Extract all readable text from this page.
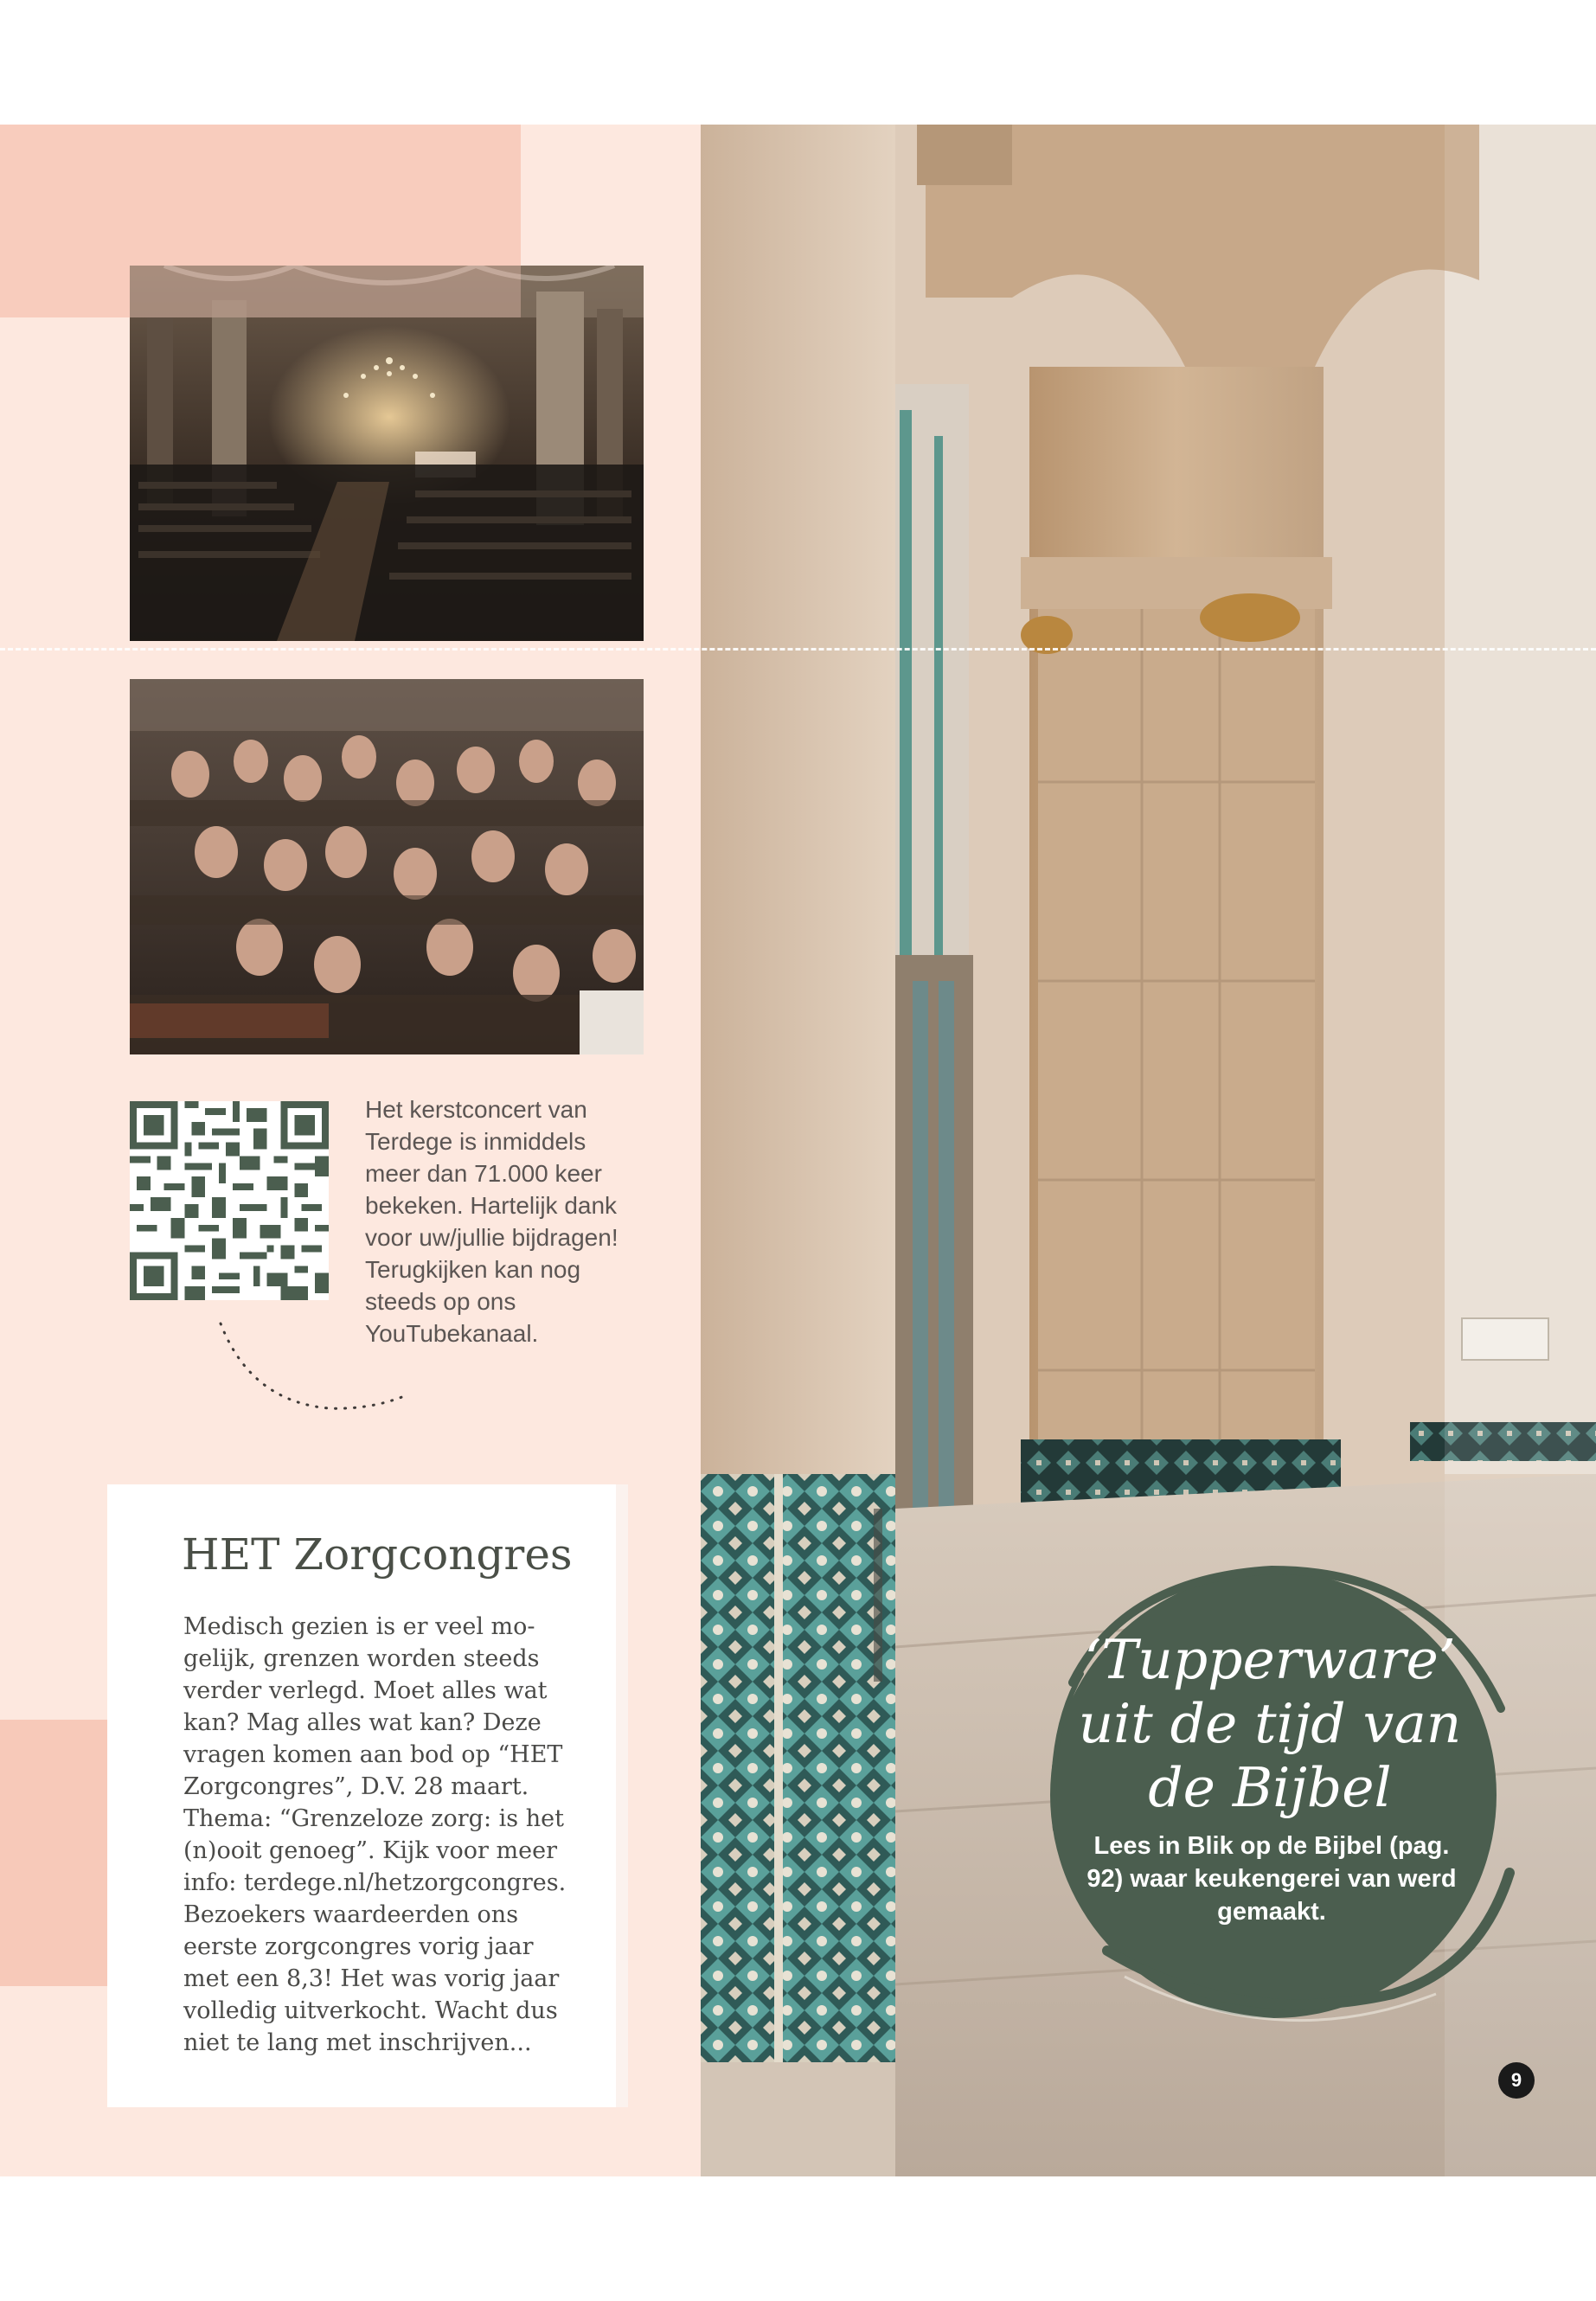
Het kerstconcert van Terdege is inmiddels meer dan 71.000 keer bekeken. Hartelijk dank voor uw/jullie bijdragen! Terugkijken kan nog steeds op ons YouTubekanaal.

HET Zorgcongres

Medisch gezien is er veel mo-gelijk, grenzen worden steeds verder verlegd. Moet alles wat kan? Mag alles wat kan? Deze vragen komen aan bod op “HET Zorgcongres”, D.V. 28 maart. Thema: “Grenzeloze zorg: is het (n)ooit genoeg”. Kijk voor meer info: terdege.nl/hetzorgcongres. Bezoekers waardeerden ons eerste zorgcongres vorig jaar met een 8,3! Het was vorig jaar volledig uitverkocht. Wacht dus niet te lang met inschrijven...

‘Tupperware’ uit de tijd van de Bijbel

Lees in Blik op de Bijbel (pag. 92) waar keukengerei van werd gemaakt.

9
